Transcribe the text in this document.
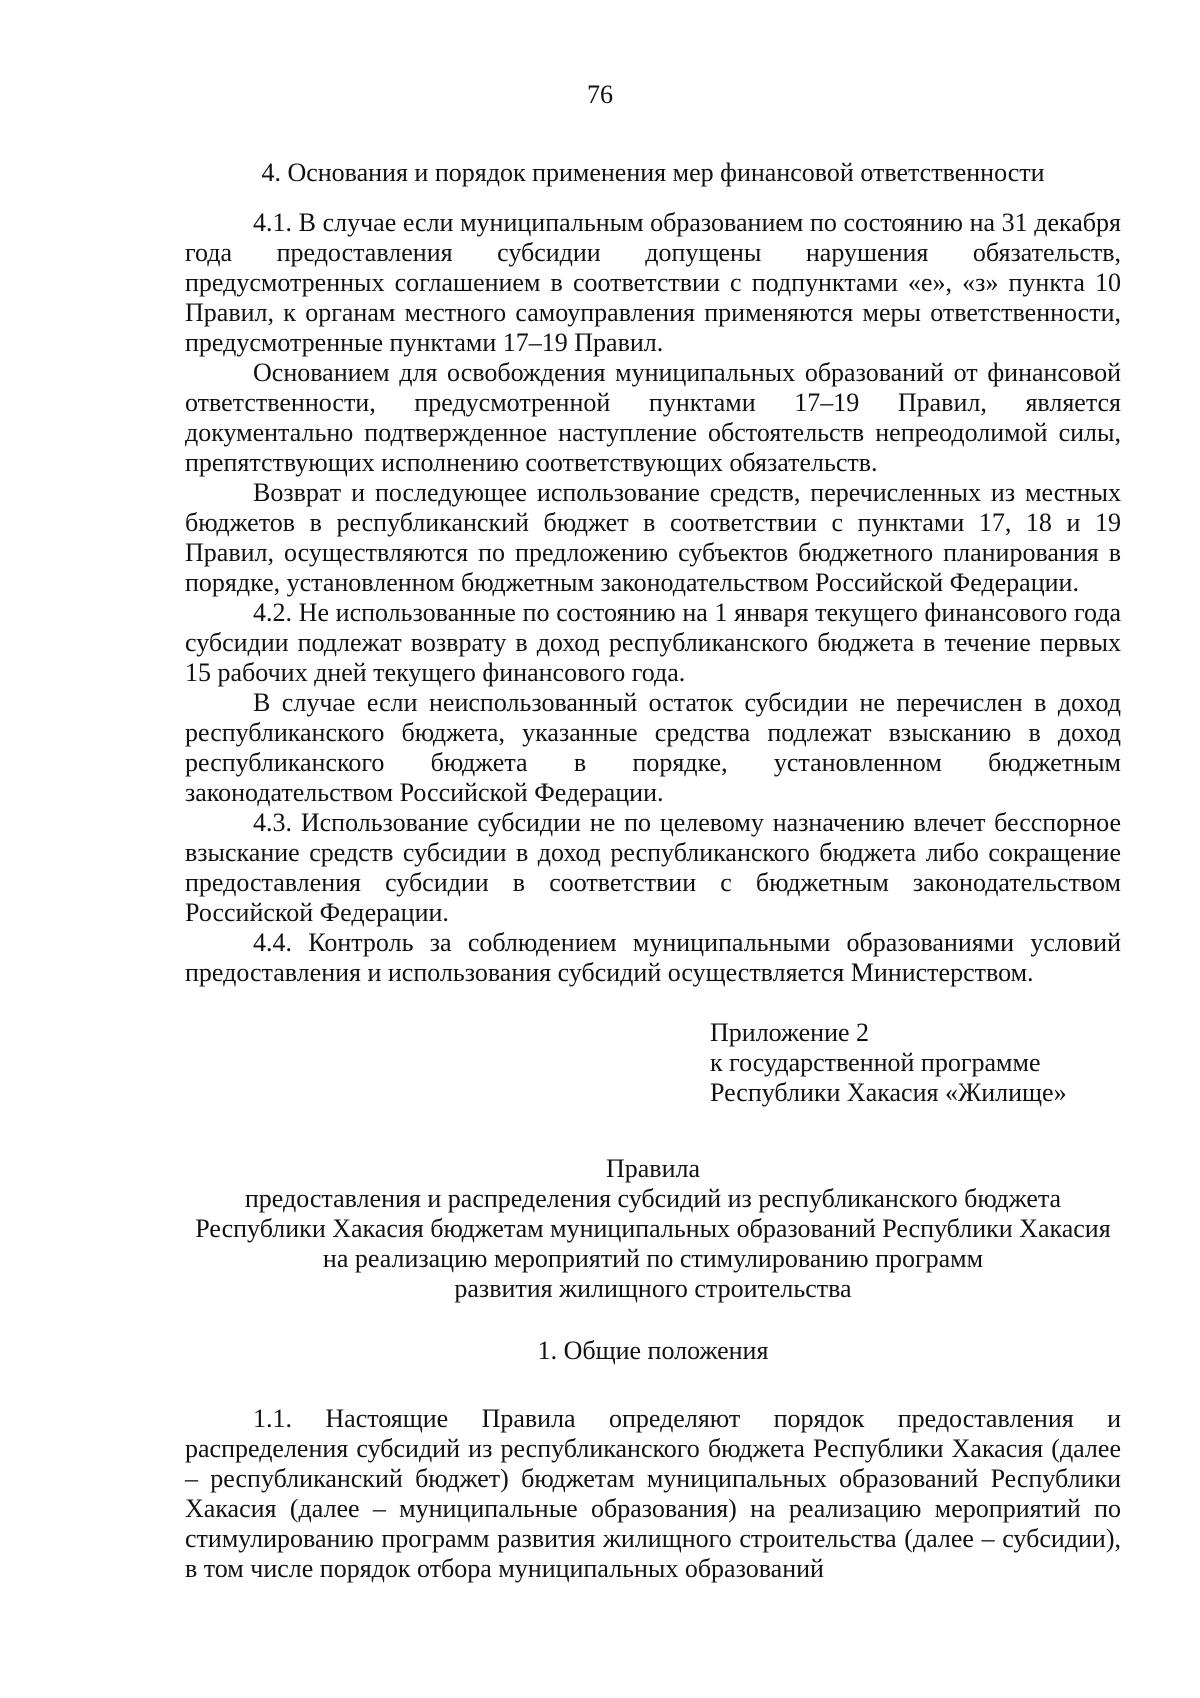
76

4. Основания и порядок применения мер финансовой ответственности

4.1. В случае если муниципальным образованием по состоянию на 31 декабря года предоставления субсидии допущены нарушения обязательств, предусмотренных соглашением в соответствии с подпунктами «е», «з» пункта 10 Правил, к органам местного самоуправления применяются меры ответственности, предусмотренные пунктами 17–19 Правил.

Основанием для освобождения муниципальных образований от финансовой ответственности, предусмотренной пунктами 17–19 Правил, является документально подтвержденное наступление обстоятельств непреодолимой силы, препятствующих исполнению соответствующих обязательств.

Возврат и последующее использование средств, перечисленных из местных бюджетов в республиканский бюджет в соответствии с пунктами 17, 18 и 19 Правил, осуществляются по предложению субъектов бюджетного планирования в порядке, установленном бюджетным законодательством Российской Федерации.

4.2. Не использованные по состоянию на 1 января текущего финансового года субсидии подлежат возврату в доход республиканского бюджета в течение первых 15 рабочих дней текущего финансового года.

В случае если неиспользованный остаток субсидии не перечислен в доход республиканского бюджета, указанные средства подлежат взысканию в доход республиканского бюджета в порядке, установленном бюджетным законодательством Российской Федерации.

4.3. Использование субсидии не по целевому назначению влечет бесспорное взыскание средств субсидии в доход республиканского бюджета либо сокращение предоставления субсидии в соответствии с бюджетным законодательством Российской Федерации.

4.4. Контроль за соблюдением муниципальными образованиями условий предоставления и использования субсидий осуществляется Министерством.

Приложение 2
к государственной программе
Республики Хакасия «Жилище»

Правила

предоставления и распределения субсидий из республиканского бюджета

Республики Хакасия бюджетам муниципальных образований Республики Хакасия

на реализацию мероприятий по стимулированию программ

развития жилищного строительства

1. Общие положения

1.1. Настоящие Правила определяют порядок предоставления и распределения субсидий из республиканского бюджета Республики Хакасия (далее – республиканский бюджет) бюджетам муниципальных образований Республики Хакасия (далее – муниципальные образования) на реализацию мероприятий по стимулированию программ развития жилищного строительства (далее – субсидии), в том числе порядок отбора муниципальных образований
